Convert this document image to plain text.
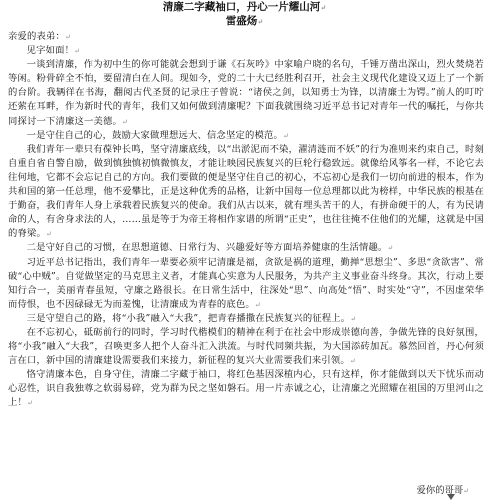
清廉二字藏袖口，丹心一片耀山河↵
雷盛炀↵

亲爱的表弟：↵

见字如面！↵

一谈到清廉，作为初中生的你可能就会想到于谦《石灰吟》中家喻户晓的名句，千锤万凿出深山，烈火焚烧若等闲。粉骨碎全不怕，要留清白在人间。现如今，党的二十大已经胜利召开，社会主义现代化建设又迈上了一个新的台阶。我辆徉在书海，翻阅古代圣贤的记录庄子曾说：“诸侯之剑，以知勇士为锋，以清廉士为锷。”前人的叮咛还萦在耳畔，作为新时代的青年，我们又如何做到清廉呢？下面我就围绕习近平总书记对青年一代的嘱托，与你共同探讨一下清廉这一美德。↵

一是守住自己的心，鼓励大家做理想远大、信念坚定的模范。↵

我们青年一辈只有葆钟长鸣，坚守清廉底线，以“出淤泥而不染，濯清涟而不妖”的行为准则来约束自己，时刻自重自省自警自励，做到慎独慎初慎微慎友，才能让映园民族复兴的巨轮行稳致远。就像给风筝名一样，不论它去往何地，它都不会忘记自己的方向。我们要做的便是坚守住自己的初心，不忘初心是我们一切向前进的根本，作为共和国的第一任总理，他不爱攀比，正是这种优秀的品格，让新中国每一位总理都以此为榜样，中华民族的根基在于勤奋，我们青年人身上承载着民族复兴的使命。我们从古以来，就有埋头苦干的人，有拼命硬干的人，有为民请命的人，有舍身求法的人，……虽是等于为帝王将相作家谱的所谓“正史”，也往往掩不住他们的光耀，这就是中国的脊梁。↵

二是守好自己的习惯，在思想道德、日常行为、兴趣爱好等方面培养健康的生活情趣。↵

习近平总书记指出，我们青年一辈要必须牢记清廉是福，贪欲是祸的道理，勤掸“思想尘”、多思“贪欲害”、常破“心中贼”。自觉做坚定的马克思主义者，才能真心实意为人民服务，为共产主义事业奋斗终身。其次，行动上要知行合一，美丽青春虽短，守廉之路很长。在日常生活中，往深处“思”、向高处“悟”、时实处“守”，不因虚荣华而侍恨，也不因碌碌无为而羞愧，让清廉成为青春的底色。↵

三是守望自己的路，将“小我”融入“大我”，把青春播撒在民族复兴的征程上。↵

在不忘初心，砥砺前行的同时，学习时代楷模们的精神在利于在社会中形成崇德向善，争做先锋的良好氛围，将“小我”融入“大我”，召唤更多人把个人奋斗汇入洪流。与时代同频共振，为大国添砖加瓦。慕然回首，丹心何须言在口，新中国的清廉建设需要我们来接力，新征程的复兴大业需要我们来引领。↵

恪守清廉本色，自身守住，清廉二字藏于袖口，将红色基因深植内心，只有这样，你才能做到以天下忧乐而动心忍性，识自我独尊之软弱易碎，党为群为民之坚如磐石。用一片赤诚之心，让清廉之光照耀在祖国的万里河山之上！↵

爱你的哥哥↵
